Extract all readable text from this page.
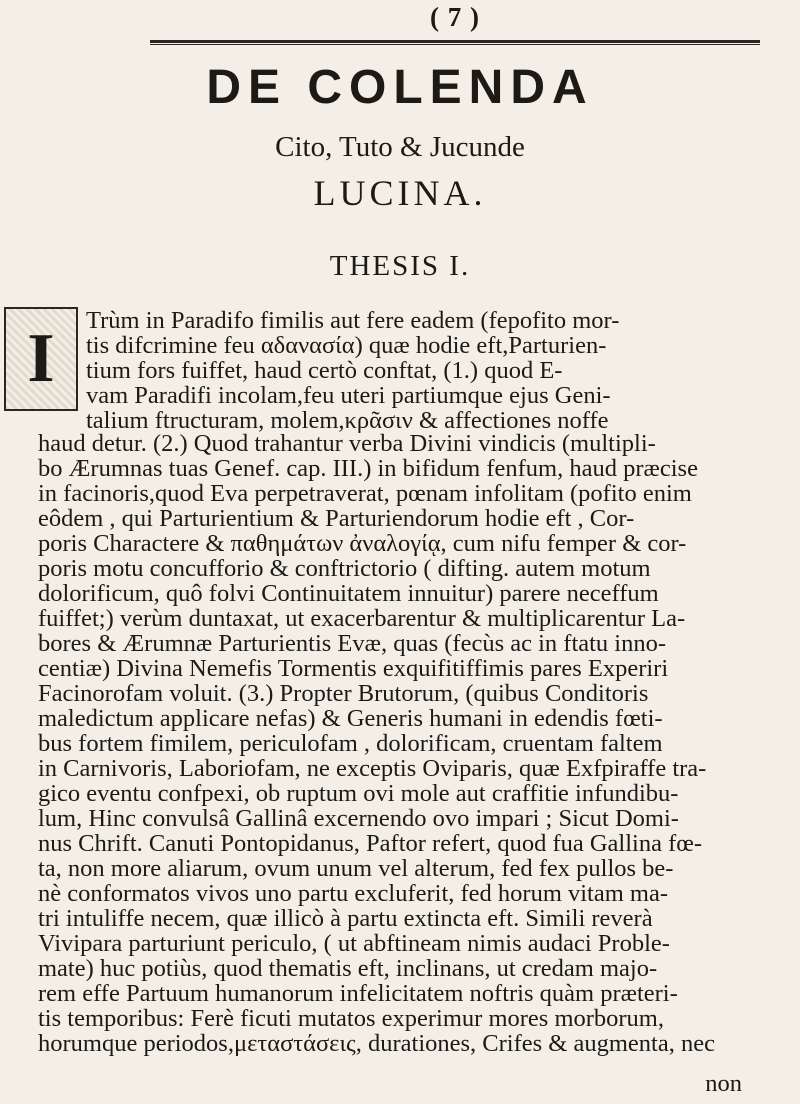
( 7 )
DE COLENDA
Cito, Tuto & Jucunde
LUCINA.
THESIS I.
I	Trùm in Paradifo fimilis aut fere eadem (fepofito mor-
tis difcrimine feu αδανασία) quæ hodie eft,Parturien-
tium fors fuiffet, haud certò conftat, (1.) quod E-
vam Paradifi incolam,feu uteri partiumque ejus Geni-
talium ftructuram, molem,κρᾶσιν & affectiones noffe
haud detur. (2.) Quod trahantur verba Divini vindicis (multipli-
bo Ærumnas tuas Genef. cap. III.) in bifidum fenfum, haud præcise
in facinoris,quod Eva perpetraverat, pœnam infolitam (pofito enim
eôdem , qui Parturientium & Parturiendorum hodie eft , Cor-
poris Charactere & παθημάτων ἀναλογίᾳ, cum nifu femper & cor-
poris motu concufforio & conftrictorio ( difting. autem motum
dolorificum, quô folvi Continuitatem innuitur) parere neceffum
fuiffet;) verùm duntaxat, ut exacerbarentur & multiplicarentur La-
bores & Ærumnæ Parturientis Evæ, quas (fecùs ac in ftatu inno-
centiæ) Divina Nemefis Tormentis exquifitiffimis pares Experiri
Facinorofam voluit. (3.) Propter Brutorum, (quibus Conditoris
maledictum applicare nefas) & Generis humani in edendis fœti-
bus fortem fimilem, periculofam , dolorificam, cruentam faltem
in Carnivoris, Laboriofam, ne exceptis Oviparis, quæ Exfpiraffe tra-
gico eventu confpexi, ob ruptum ovi mole aut craffitie infundibu-
lum, Hinc convulsâ Gallinâ excernendo ovo impari ; Sicut Domi-
nus Chrift. Canuti Pontopidanus, Paftor refert, quod fua Gallina fœ-
ta, non more aliarum, ovum unum vel alterum, fed fex pullos be-
nè conformatos vivos uno partu excluferit, fed horum vitam ma-
tri intuliffe necem, quæ illicò à partu extincta eft. Simili reverà
Vivipara parturiunt periculo, ( ut abftineam nimis audaci Proble-
mate) huc potiùs, quod thematis eft, inclinans, ut credam majo-
rem effe Partuum humanorum infelicitatem noftris quàm præteri-
tis temporibus: Ferè ficuti mutatos experimur mores morborum,
horumque periodos,μεταστάσεις, durationes, Crifes & augmenta, nec
non
